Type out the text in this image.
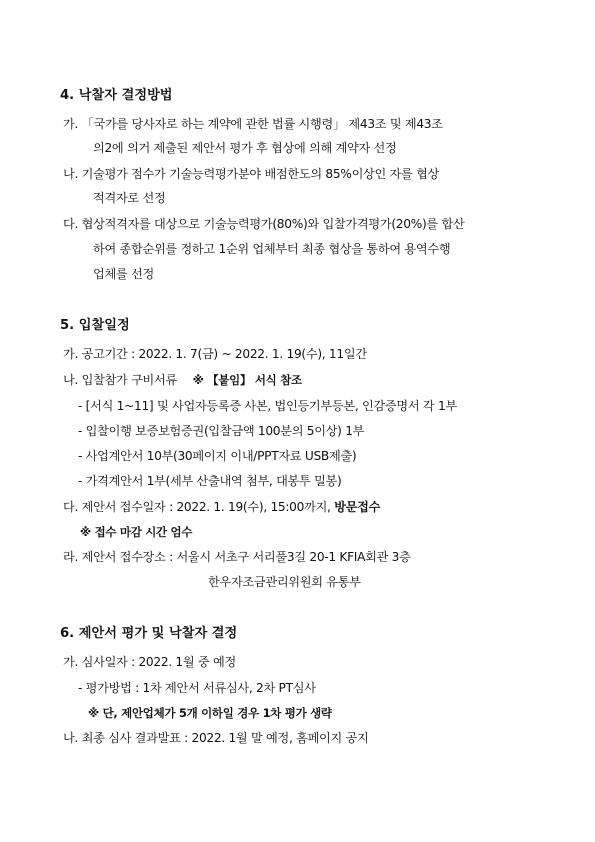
4. 낙찰자 결정방법
가. 「국가를 당사자로 하는 계약에 관한 법률 시행령」 제43조 및 제43조
의2에 의거 제출된 제안서 평가 후 협상에 의해 계약자 선정
나. 기술평가 점수가 기술능력평가분야 배점한도의 85%이상인 자를 협상
적격자로 선정
다. 협상적격자를 대상으로 기술능력평가(80%)와 입찰가격평가(20%)를 합산
하여 종합순위를 정하고 1순위 업체부터 최종 협상을 통하여 용역수행
업체를 선정
5. 입찰일정
가. 공고기간 : 2022. 1. 7(금) ~ 2022. 1. 19(수), 11일간
나. 입찰참가 구비서류 ※ 【붙임】 서식 참조
- [서식 1~11] 및 사업자등록증 사본, 법인등기부등본, 인감증명서 각 1부
- 입찰이행 보증보험증권(입찰금액 100분의 5이상) 1부
- 사업계안서 10부(30페이지 이내/PPT자료 USB제출)
- 가격계안서 1부(세부 산출내역 첨부, 대봉투 밀봉)
다. 제안서 접수일자 : 2022. 1. 19(수), 15:00까지, 방문접수
※ 접수 마감 시간 엄수
라. 제안서 접수장소 : 서울시 서초구 서리풀3길 20-1 KFIA회관 3층
한우자조금관리위원회 유통부
6. 제안서 평가 및 낙찰자 결정
가. 심사일자 : 2022. 1월 중 예정
- 평가방법 : 1차 제안서 서류심사, 2차 PT심사
※ 단, 제안업체가 5개 이하일 경우 1차 평가 생략
나. 최종 심사 결과발표 : 2022. 1월 말 예정, 홈페이지 공지
